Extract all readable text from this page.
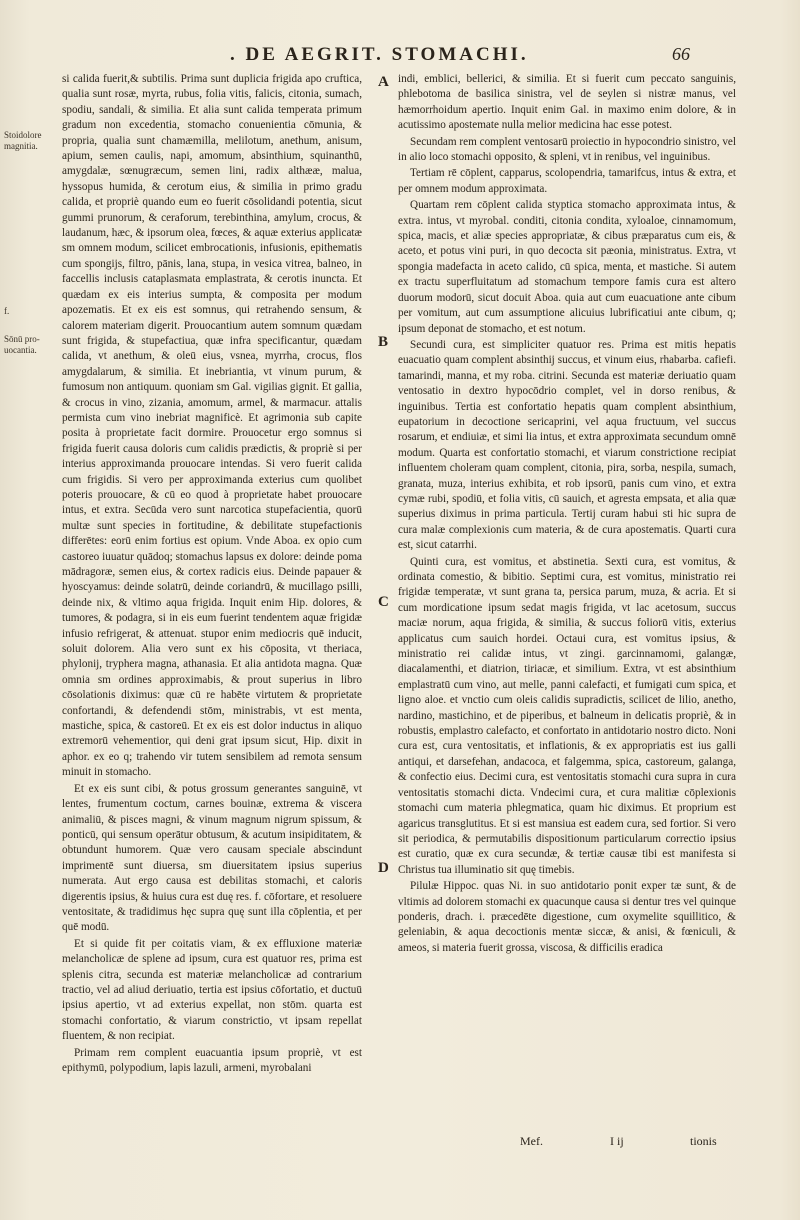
. DE AEGRIT. STOMACHI.	66
Stoidolore magnitia.
f.
Sōnū pro- uocantia.
A
B
C
D

si calida fuerit,& subtilis. Prima sunt duplicia frigida apo cruftica, qualia sunt rosæ, myrta, rubus, folia vitis, falicis, citonia, sumach, spodiu, sandali, & similia. Et alia sunt calida temperata primum gradum non excedentia, stomacho conuenientia cōmunia, & propria, qualia sunt chamæmilla, melilotum, anethum, anisum, apium, semen caulis, napi, amomum, absinthium, squinanthū, amygdalæ, sœnugræcum, semen lini, radix althææ, malua, hyssopus humida, & cerotum eius, & similia in primo gradu calida, et propriè quando eum eo fuerit cōsolidandi potentia, sicut gummi prunorum, & ceraforum, terebinthina, amylum, crocus, & laudanum, hæc, & ipsorum olea, fœces, & aquæ exterius applicatæ sm omnem modum, scilicet embrocationis, infusionis, epithematis cum spongijs, filtro, pānis, lana, stupa, in vesica vitrea, balneo, in faccellis inclusis cataplasmata emplastrata, & cerotis inuncta. Et quædam ex eis interius sumpta, & composita per modum apozematis. Et ex eis est somnus, qui retrahendo sensum, & calorem materiam digerit. Prouocantium autem somnum quædam sunt frigida, & stupefactiua, quæ infra specificantur, quædam calida, vt anethum, & oleū eius, vsnea, myrrha, crocus, flos amygdalarum, & similia. Et inebriantia, vt vinum purum, & fumosum non antiquum. quoniam sm Gal. vigilias gignit. Et gallia, & crocus in vino, zizania, amomum, armel, & marmacur. attalis permista cum vino inebriat magnificè. Et agrimonia sub capite posita à proprietate facit dormire. Prouocetur ergo somnus si frigida fuerit causa doloris cum calidis prædictis, & propriè si per interius approximanda prouocare intendas. Si vero fuerit calida cum frigidis. Si vero per approximanda exterius cum quolibet poteris prouocare, & cū eo quod à proprietate habet prouocare intus, et extra. Secūda vero sunt narcotica stupefacientia, quorū multæ sunt species in fortitudine, & debilitate stupefactionis differētes: eorū enim fortius est opium. Vnde Aboa. ex opio cum castoreo iuuatur quādoq; stomachus lapsus ex dolore: deinde poma mādragoræ, semen eius, & cortex radicis eius. Deinde papauer & hyoscyamus: deinde solatrū, deinde coriandrū, & mucillago psilli, deinde nix, & vltimo aqua frigida. Inquit enim Hip. dolores, & tumores, & podagra, si in eis eum fuerint tendentem aquæ frigidæ infusio refrigerat, & attenuat. stupor enim mediocris quē inducit, soluit dolorem. Alia vero sunt ex his cōposita, vt theriaca, phylonij, tryphera magna, athanasia. Et alia antidota magna. Quæ omnia sm ordines approximabis, & prout superius in libro cōsolationis diximus: quæ cū re habēte virtutem & proprietate confortandi, & defendendi stōm, ministrabis, vt est menta, mastiche, spica, & castoreū. Et ex eis est dolor inductus in aliquo extremorū vehementior, qui deni grat ipsum sicut, Hip. dixit in aphor. ex eo q; trahendo vir tutem sensibilem ad remota sensum minuit in stomacho.

Et ex eis sunt cibi, & potus grossum generantes sanguinē, vt lentes, frumentum coctum, carnes bouinæ, extrema & viscera animaliū, & pisces magni, & vinum magnum nigrum spissum, & ponticū, qui sensum operātur obtusum, & acutum insipiditatem, & obtundunt humorem. Quæ vero causam speciale abscindunt imprimentē sunt diuersa, sm diuersitatem ipsius superius numerata. Aut ergo causa est debilitas stomachi, et caloris digerentis ipsius, & huius cura est duę res. f. cōfortare, et resoluere ventositate, & tradidimus hęc supra quę sunt illa cōplentia, et per quē modū.

Et si quide fit per coitatis viam, & ex effluxione materiæ melancholicæ de splene ad ipsum, cura est quatuor res, prima est splenis citra, secunda est materiæ melancholicæ ad contrarium tractio, vel ad aliud deriuatio, tertia est ipsius cōfortatio, et ductuū ipsius apertio, vt ad exterius expellat, non stōm. quarta est stomachi confortatio, & viarum constrictio, vt ipsam repellat fluentem, & non recipiat.

Primam rem complent euacuantia ipsum propriè, vt est epithymū, polypodium, lapis lazuli, armeni, myrobalani

indi, emblici, bellerici, & similia. Et si fuerit cum peccato sanguinis, phlebotoma de basilica sinistra, vel de seylen si nistræ manus, vel hæmorrhoidum apertio. Inquit enim Gal. in maximo enim dolore, & in acutissimo apostemate nulla melior medicina hac esse potest.

Secundam rem complent ventosarū proiectio in hypocondrio sinistro, vel in alio loco stomachi opposito, & spleni, vt in renibus, vel inguinibus.

Tertiam rē cōplent, capparus, scolopendria, tamarifcus, intus & extra, et per omnem modum approximata.

Quartam rem cōplent calida styptica stomacho approximata intus, & extra. intus, vt myrobal. conditi, citonia condita, xyloaloe, cinnamomum, spica, macis, et aliæ species appropriatæ, & cibus præparatus cum eis, & aceto, et potus vini puri, in quo decocta sit pæonia, ministratus. Extra, vt spongia madefacta in aceto calido, cū spica, menta, et mastiche. Si autem ex tractu superfluitatum ad stomachum tempore famis cura est altero duorum modorū, sicut docuit Aboa. quia aut cum euacuatione ante cibum per vomitum, aut cum assumptione alicuius lubrificatiui ante cibum, q; ipsum deponat de stomacho, et est notum.

Secundi cura, est simpliciter quatuor res. Prima est mitis hepatis euacuatio quam complent absinthij succus, et vinum eius, rhabarba. cafiefi. tamarindi, manna, et my roba. citrini. Secunda est materiæ deriuatio quam ventosatio in dextro hypocōdrio complet, vel in dorso renibus, & inguinibus. Tertia est confortatio hepatis quam complent absinthium, eupatorium in decoctione sericaprini, vel aqua fructuum, vel succus rosarum, et endiuiæ, et simi lia intus, et extra approximata secundum omnē modum. Quarta est confortatio stomachi, et viarum constrictione recipiat influentem choleram quam complent, citonia, pira, sorba, nespila, sumach, granata, muza, interius exhibita, et rob ipsorū, panis cum vino, et extra cymæ rubi, spodiū, et folia vitis, cū sauich, et agresta empsata, et alia quæ superius diximus in prima particula. Tertij curam habui sti hic supra de cura malæ complexionis cum materia, & de cura apostematis. Quarti cura est, sicut catarrhi.

Quinti cura, est vomitus, et abstinetia. Sexti cura, est vomitus, & ordinata comestio, & bibitio. Septimi cura, est vomitus, ministratio rei frigidæ temperatæ, vt sunt grana ta, persica parum, muza, & acria. Et si cum mordicatione ipsum sedat magis frigida, vt lac acetosum, succus maciæ norum, aqua frigida, & similia, & succus foliorū vitis, exterius applicatus cum sauich hordei. Octaui cura, est vomitus ipsius, & ministratio rei calidæ intus, vt zingi. garcinnamomi, galangæ, diacalamenthi, et diatrion, tiriacæ, et similium. Extra, vt est absinthium emplastratū cum vino, aut melle, panni calefacti, et fumigati cum spica, et ligno aloe. et vnctio cum oleis calidis supradictis, scilicet de lilio, anetho, nardino, mastichino, et de piperibus, et balneum in delicatis propriè, & in robustis, emplastro calefacto, et confortato in antidotario nostro dicto. Noni cura est, cura ventositatis, et inflationis, & ex appropriatis est ius galli antiqui, et darsefehan, andacoca, et falgemma, spica, castoreum, galanga, & confectio eius. Decimi cura, est ventositatis stomachi cura supra in cura ventositatis stomachi dicta. Vndecimi cura, et cura malitiæ cōplexionis stomachi cum materia phlegmatica, quam hic diximus. Et proprium est agaricus transglutitus. Et si est mansiua est eadem cura, sed fortior. Si vero sit periodica, & permutabilis dispositionum particularum correctio ipsius est curatio, quæ ex cura secundæ, & tertiæ causæ tibi est manifesta si Christus tua illuminatio sit quę timebis.

Pilulæ Hippoc. quas Ni. in suo antidotario ponit exper tæ sunt, & de vltimis ad dolorem stomachi ex quacunque causa si dentur tres vel quinque ponderis, drach. i. præcedēte digestione, cum oxymelite squillitico, & geleniabin, & aqua decoctionis mentæ siccæ, & anisi, & fœniculi, & ameos, si materia fuerit grossa, viscosa, & difficilis eradica

Mef.	I ij	tionis
